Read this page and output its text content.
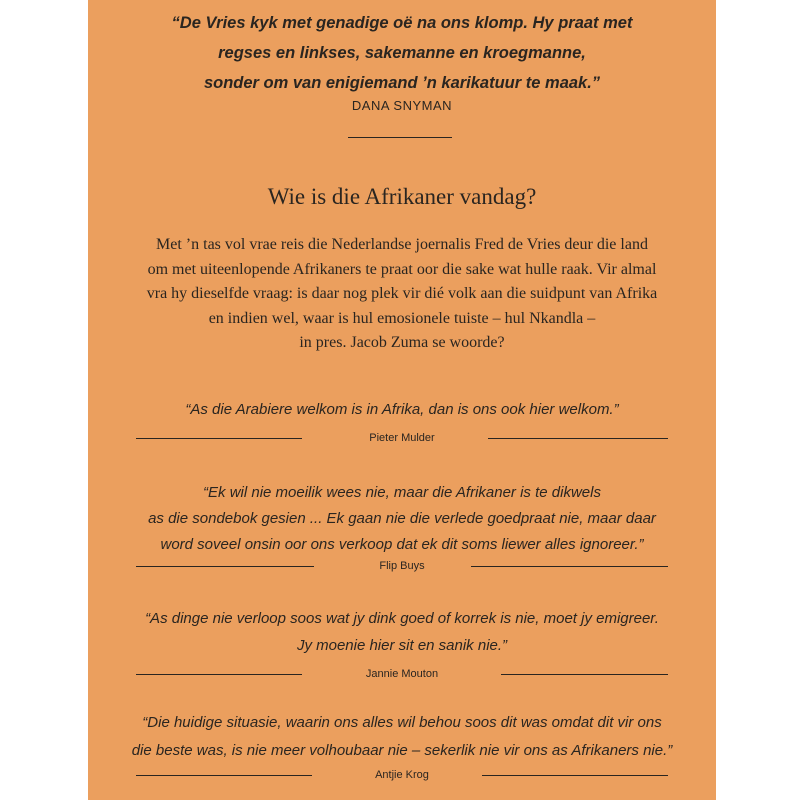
“De Vries kyk met genadige oë na ons klomp. Hy praat met
regses en linkses, sakemanne en kroegmanne,
sonder om van enigiemand ’n karikatuur te maak.”
DANA SNYMAN
Wie is die Afrikaner vandag?
Met ’n tas vol vrae reis die Nederlandse joernalis Fred de Vries deur die land
om met uiteenlopende Afrikaners te praat oor die sake wat hulle raak. Vir almal
vra hy dieselfde vraag: is daar nog plek vir dié volk aan die suidpunt van Afrika
en indien wel, waar is hul emosionele tuiste – hul Nkandla –
in pres. Jacob Zuma se woorde?
“As die Arabiere welkom is in Afrika, dan is ons ook hier welkom.”
Pieter Mulder
“Ek wil nie moeilik wees nie, maar die Afrikaner is te dikwels
as die sondebok gesien ... Ek gaan nie die verlede goedpraat nie, maar daar
word soveel onsin oor ons verkoop dat ek dit soms liewer alles ignoreer.”
Flip Buys
“As dinge nie verloop soos wat jy dink goed of korrek is nie, moet jy emigreer.
Jy moenie hier sit en sanik nie.”
Jannie Mouton
“Die huidige situasie, waarin ons alles wil behou soos dit was omdat dit vir ons
die beste was, is nie meer volhoubaar nie – sekerlik nie vir ons as Afrikaners nie.”
Antjie Krog
